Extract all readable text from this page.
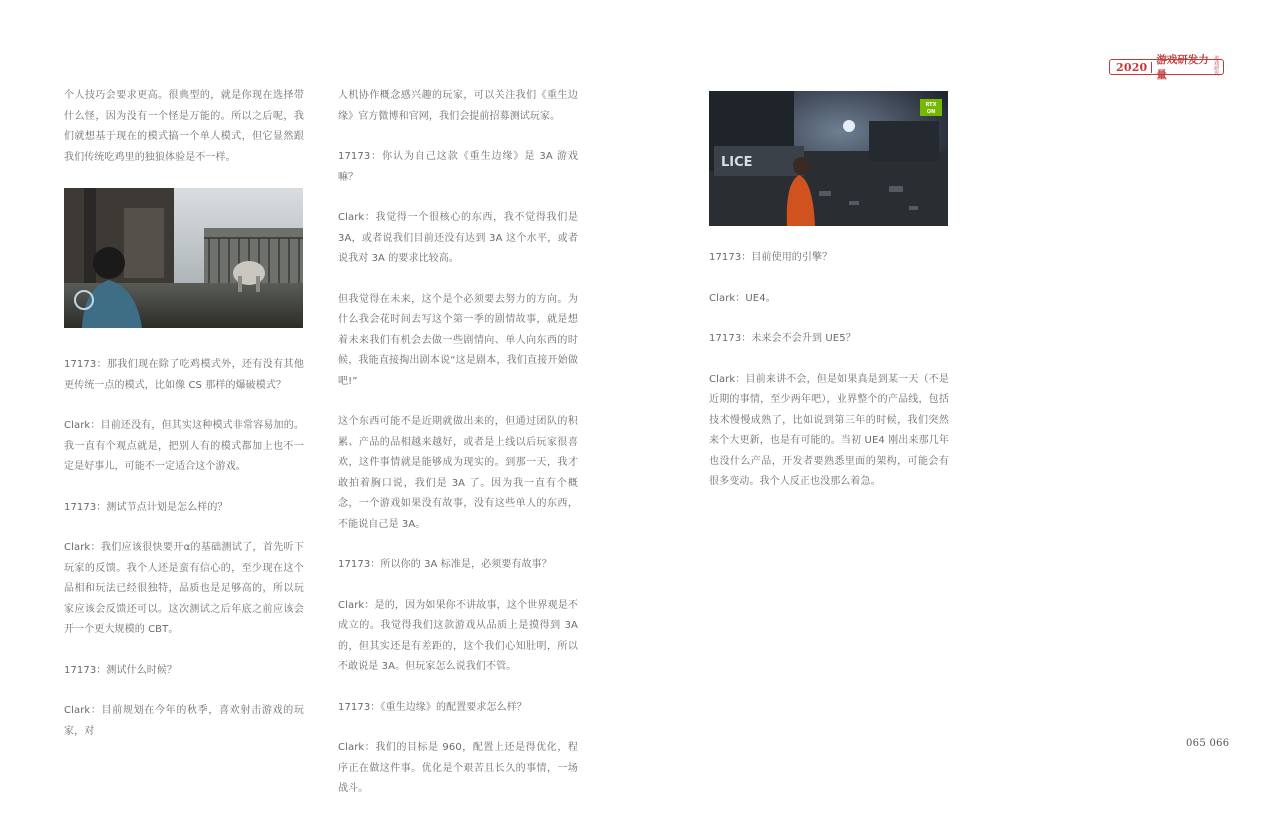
2020
游戏研发力量
游戏研发

个人技巧会要求更高。很典型的，就是你现在选择带什么怪，因为没有一个怪是万能的。所以之后呢，我们就想基于现在的模式搞一个单人模式，但它显然跟我们传统吃鸡里的独狼体验是不一样。

17173：那我们现在除了吃鸡模式外，还有没有其他更传统一点的模式，比如像 CS 那样的爆破模式？

Clark：目前还没有，但其实这种模式非常容易加的。我一直有个观点就是，把别人有的模式都加上也不一定是好事儿，可能不一定适合这个游戏。

17173：测试节点计划是怎么样的？

Clark：我们应该很快要开α的基础测试了，首先听下玩家的反馈。我个人还是蛮有信心的，至少现在这个品相和玩法已经很独特，品质也是足够高的，所以玩家应该会反馈还可以。这次测试之后年底之前应该会开一个更大规模的 CBT。

17173：测试什么时候？

Clark：目前规划在今年的秋季，喜欢射击游戏的玩家，对

人机协作概念感兴趣的玩家，可以关注我们《重生边缘》官方微博和官网，我们会提前招募测试玩家。

17173：你认为自己这款《重生边缘》是 3A 游戏嘛？

Clark：我觉得一个很核心的东西，我不觉得我们是 3A，或者说我们目前还没有达到 3A 这个水平，或者说我对 3A 的要求比较高。

但我觉得在未来，这个是个必须要去努力的方向。为什么我会花时间去写这个第一季的剧情故事，就是想着未来我们有机会去做一些剧情向、单人向东西的时候，我能直接掏出剧本说“这是剧本，我们直接开始做吧!”

这个东西可能不是近期就做出来的，但通过团队的积累、产品的品相越来越好，或者是上线以后玩家很喜欢，这件事情就是能够成为现实的。到那一天，我才敢拍着胸口说，我们是 3A 了。因为我一直有个概念，一个游戏如果没有故事，没有这些单人的东西，不能说自己是 3A。

17173：所以你的 3A 标准是，必须要有故事？

Clark：是的，因为如果你不讲故事，这个世界观是不成立的。我觉得我们这款游戏从品质上是摸得到 3A 的，但其实还是有差距的，这个我们心知肚明，所以不敢说是 3A。但玩家怎么说我们不管。

17173：《重生边缘》的配置要求怎么样？

Clark：我们的目标是 960，配置上还是得优化，程序正在做这件事。优化是个艰苦且长久的事情，一场战斗。

LICE
RTX
ON

17173：目前使用的引擎？

Clark：UE4。

17173：未来会不会升到 UE5？

Clark：目前来讲不会，但是如果真是到某一天（不是近期的事情，至少两年吧），业界整个的产品线，包括技术慢慢成熟了，比如说到第三年的时候，我们突然来个大更新，也是有可能的。当初 UE4 刚出来那几年也没什么产品，开发者要熟悉里面的架构，可能会有很多变动。我个人反正也没那么着急。

065 066
